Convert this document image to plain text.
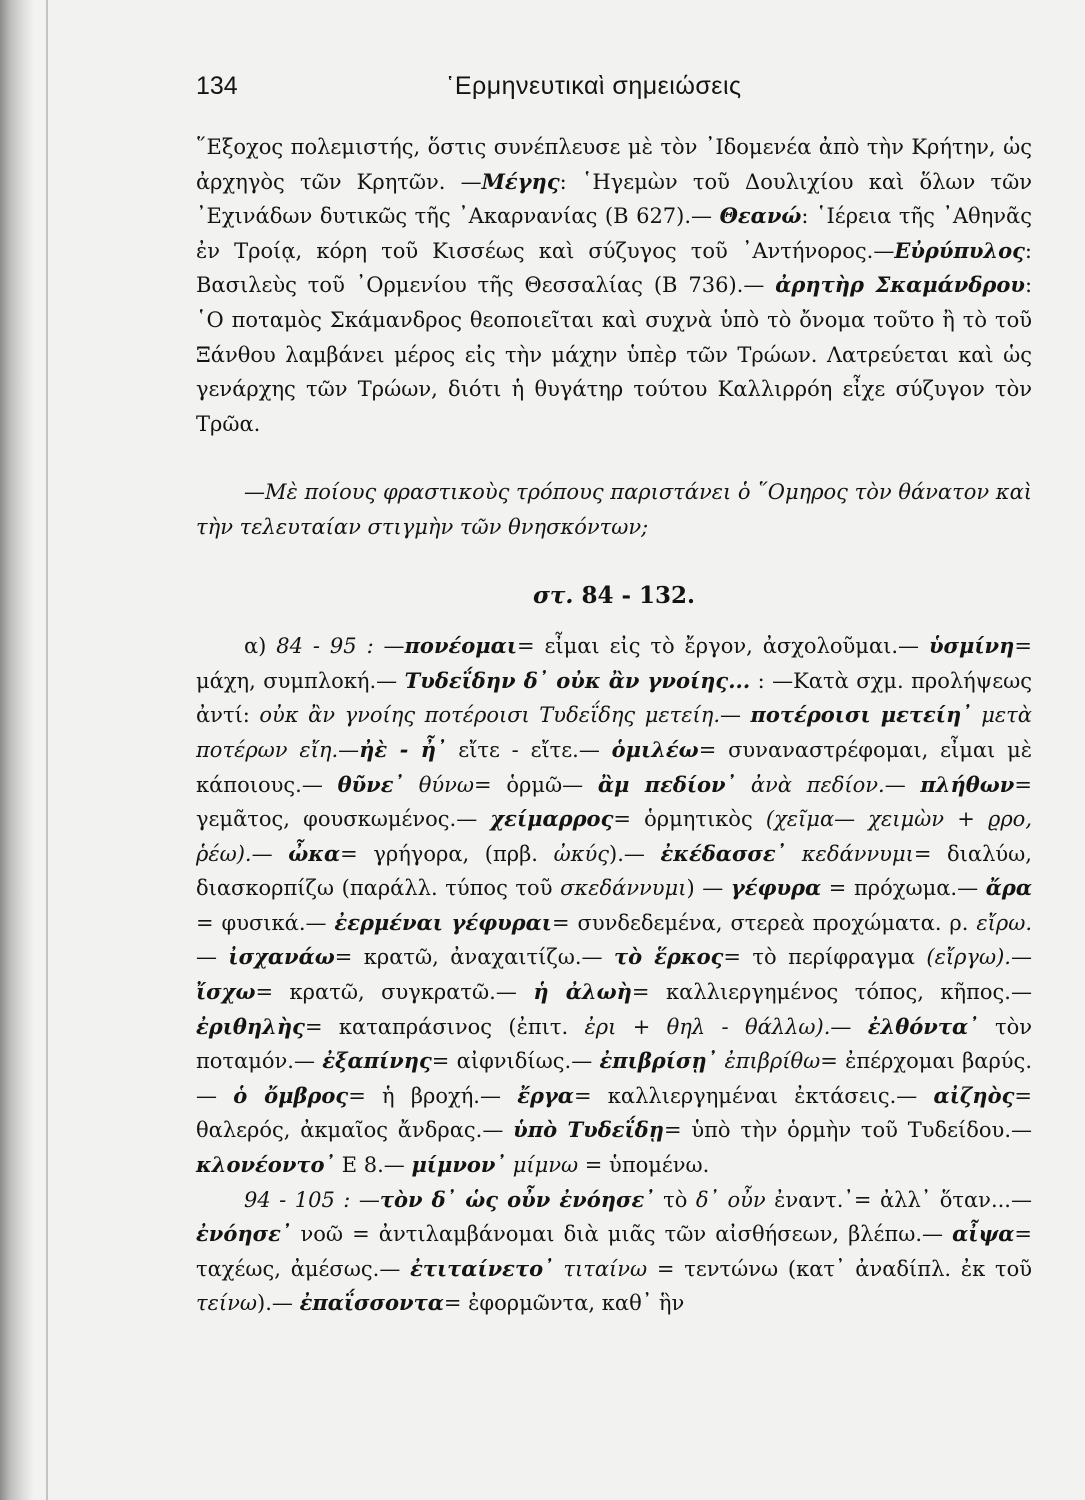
134	῾Ερμηνευτικαὶ σημειώσεις

῞Εξοχος πολεμιστής, ὅστις συνέπλευσε μὲ τὸν ᾿Ιδομενέα ἀπὸ τὴν Κρήτην, ὡς ἀρχηγὸς τῶν Κρητῶν. —Μέγης: ῾Ηγεμὼν τοῦ Δουλιχίου καὶ ὅλων τῶν ᾿Εχινάδων δυτικῶς τῆς ᾿Ακαρνανίας (Β 627).— Θεανώ: ῾Ιέρεια τῆς ᾿Αθηνᾶς ἐν Τροίᾳ, κόρη τοῦ Κισσέως καὶ σύζυγος τοῦ ᾿Αντήνορος.—Εὐρύπυλος: Βασιλεὺς τοῦ ᾿Ορμενίου τῆς Θεσσαλίας (Β 736).— ἀρητὴρ Σκαμάνδρου: ῾Ο ποταμὸς Σκάμανδρος θεοποιεῖται καὶ συχνὰ ὑπὸ τὸ ὄνομα τοῦτο ἢ τὸ τοῦ Ξάνθου λαμβάνει μέρος εἰς τὴν μάχην ὑπὲρ τῶν Τρώων. Λατρεύεται καὶ ὡς γενάρχης τῶν Τρώων, διότι ἡ θυγάτηρ τούτου Καλλιρρόη εἶχε σύζυγον τὸν Τρῶα.

—Μὲ ποίους φραστικοὺς τρόπους παριστάνει ὁ ῞Ομηρος τὸν θάνατον καὶ τὴν τελευταίαν στιγμὴν τῶν θνησκόντων;

στ. 84 - 132.

α) 84 - 95 : —πονέομαι= εἶμαι εἰς τὸ ἔργον, ἀσχολοῦμαι.— ὑσμίνη= μάχη, συμπλοκή.— Τυδεΐδην δ᾿ οὐκ ἂν γνοίης... : —Κατὰ σχμ. προλήψεως ἀντί: οὐκ ἂν γνοίης ποτέροισι Τυδεΐδης μετείη.— ποτέροισι μετείη᾿ μετὰ ποτέρων εἴη.—ἠὲ - ἦ᾿ εἴτε - εἴτε.— ὁμιλέω= συναναστρέφομαι, εἶμαι μὲ κάποιους.— θῦνε᾿ θύνω= ὁρμῶ— ἂμ πεδίον᾿ ἀνὰ πεδίον.— πλήθων= γεμᾶτος, φουσκωμένος.— χείμαρρος= ὁρμητικὸς (χεῖμα— χειμὼν + ϱρο, ῥέω).— ὦκα= γρήγορα, (πρβ. ὠκύς).— ἐκέδασσε᾿ κεδάννυμι= διαλύω, διασκορπίζω (παράλλ. τύπος τοῦ σκεδάννυμι) — γέφυρα = πρόχωμα.— ἄρα = φυσικά.— ἐερμέναι γέφυραι= συνδεδεμένα, στερεὰ προχώματα. ρ. εἴρω.— ἰσχανάω= κρατῶ, ἀναχαιτίζω.— τὸ ἕρκος= τὸ περίφραγμα (εἴργω).— ἴσχω= κρατῶ, συγκρατῶ.— ἡ ἀλωὴ= καλλιεργημένος τόπος, κῆπος.— ἐριθηλὴς= καταπράσινος (ἐπιτ. ἐρι + θηλ - θάλλω).— ἐλθόντα᾿ τὸν ποταμόν.— ἐξαπίνης= αἰφνιδίως.— ἐπιβρίσῃ᾿ ἐπιβρίθω= ἐπέρχομαι βαρύς.— ὁ ὄμβρος= ἡ βροχή.— ἔργα= καλλιεργημέναι ἐκτάσεις.— αἰζηὸς= θαλερός, ἀκμαῖος ἄνδρας.— ὑπὸ Τυδεΐδῃ= ὑπὸ τὴν ὁρμὴν τοῦ Τυδείδου.— κλονέοντο᾿ Ε 8.— μίμνον᾿ μίμνω = ὑπομένω.

94 - 105 : —τὸν δ᾿ ὡς οὖν ἐνόησε᾿ τὸ δ᾿ οὖν ἐναντ.᾿= ἀλλ᾿ ὅταν...— ἐνόησε᾿ νοῶ = ἀντιλαμβάνομαι διὰ μιᾶς τῶν αἰσθήσεων, βλέπω.— αἶψα= ταχέως, ἀμέσως.— ἐτιταίνετο᾿ τιταίνω = τεντώνω (κατ᾿ ἀναδίπλ. ἐκ τοῦ τείνω).— ἐπαΐσσοντα= ἐφορμῶντα, καθ᾿ ἣν
